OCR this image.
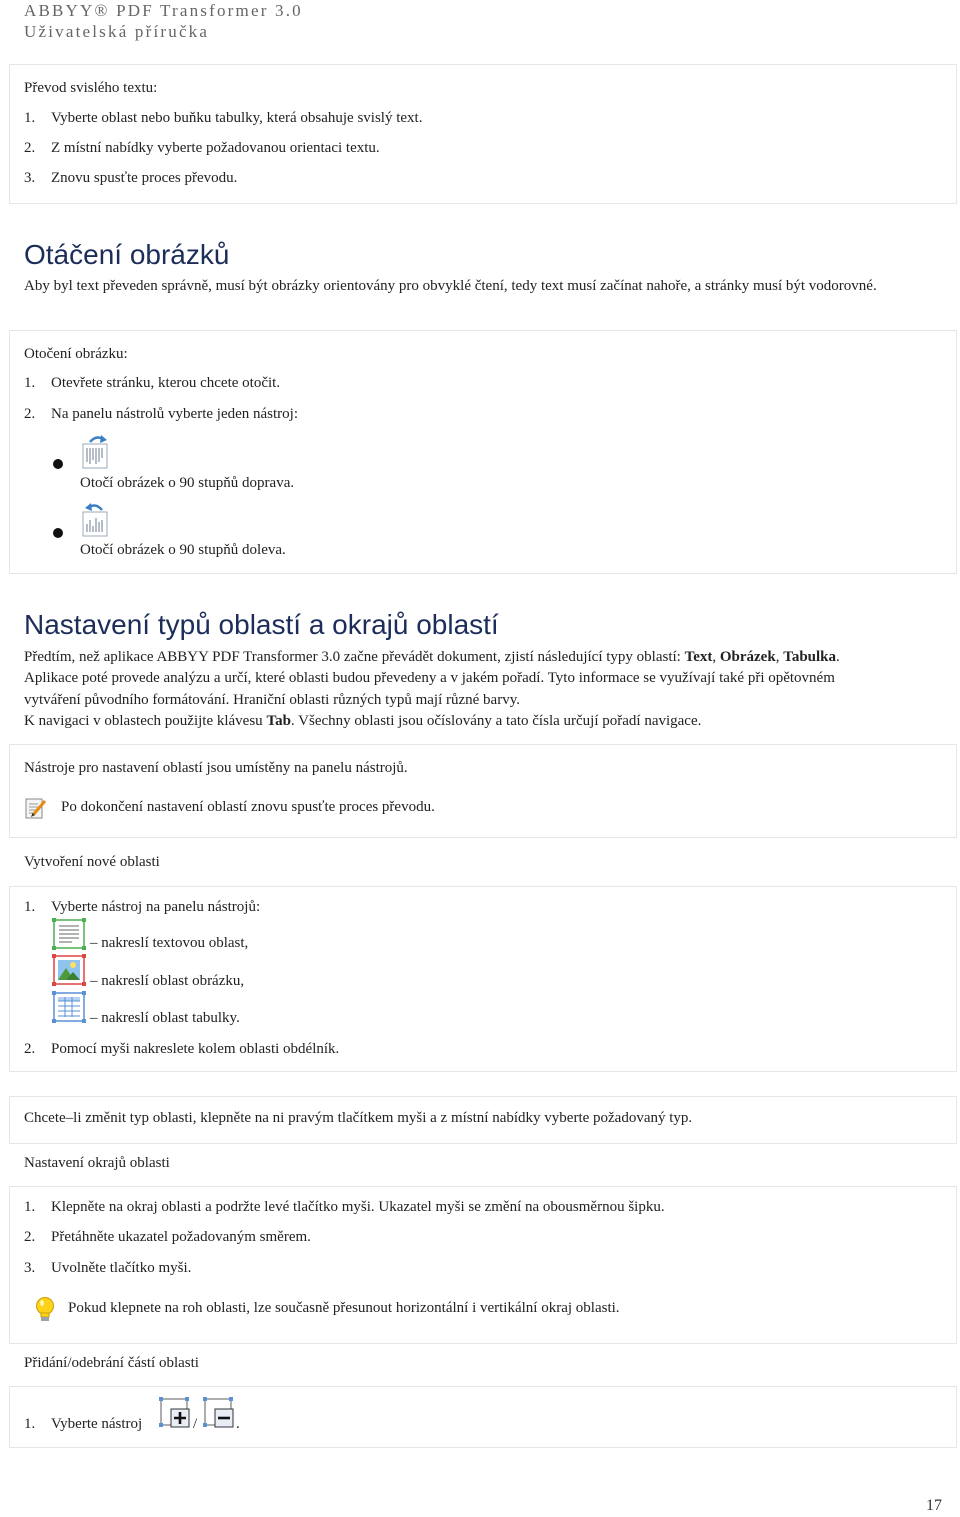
ABBYY® PDF Transformer 3.0
Uživatelská příručka
Převod svislého textu:
1. Vyberte oblast nebo buňku tabulky, která obsahuje svislý text.
2. Z místní nabídky vyberte požadovanou orientaci textu.
3. Znovu spusťte proces převodu.
Otáčení obrázků
Aby byl text převeden správně, musí být obrázky orientovány pro obvyklé čtení, tedy text musí začínat nahoře, a stránky musí být vodorovné.
Otočení obrázku:
1. Otevřete stránku, kterou chcete otočit.
2. Na panelu nástrolů vyberte jeden nástroj:
Otočí obrázek o 90 stupňů doprava.
Otočí obrázek o 90 stupňů doleva.
Nastavení typů oblastí a okrajů oblastí
Předtím, než aplikace ABBYY PDF Transformer 3.0 začne převádět dokument, zjistí následující typy oblastí: Text, Obrázek, Tabulka.
Aplikace poté provede analýzu a určí, které oblasti budou převedeny a v jakém pořadí. Tyto informace se využívají také při opětovném
vytváření původního formátování. Hraniční oblasti různých typů mají různé barvy.
K navigaci v oblastech použijte klávesu Tab. Všechny oblasti jsou očíslovány a tato čísla určují pořadí navigace.
Nástroje pro nastavení oblastí jsou umístěny na panelu nástrojů.
Po dokončení nastavení oblastí znovu spusťte proces převodu.
Vytvoření nové oblasti
1. Vyberte nástroj na panelu nástrojů:
– nakreslí textovou oblast,
– nakreslí oblast obrázku,
– nakreslí oblast tabulky.
2. Pomocí myši nakreslete kolem oblasti obdélník.
Chcete–li změnit typ oblasti, klepněte na ni pravým tlačítkem myši a z místní nabídky vyberte požadovaný typ.
Nastavení okrajů oblasti
1. Klepněte na okraj oblasti a podržte levé tlačítko myši. Ukazatel myši se změní na obousměrnou šipku.
2. Přetáhněte ukazatel požadovaným směrem.
3. Uvolněte tlačítko myši.
Pokud klepnete na roh oblasti, lze současně přesunout horizontální i vertikální okraj oblasti.
Přidání/odebrání částí oblasti
1. Vyberte nástroj	/	.
17
